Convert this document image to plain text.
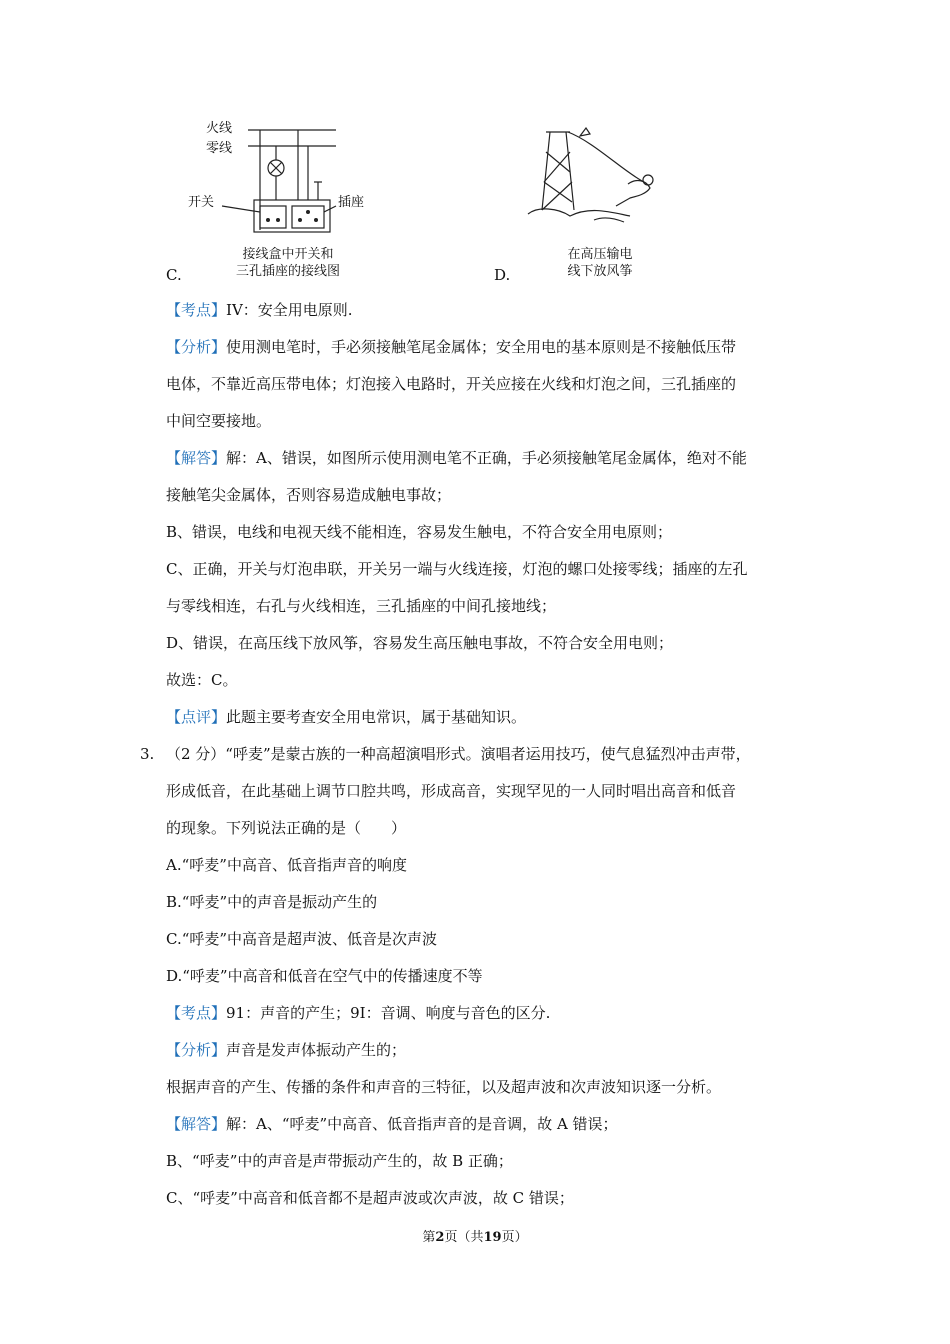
C.
火线
零线
开关	插座
接线盒中开关和
三孔插座的接线图	D.
在高压输电
线下放风筝
【考点】IV：安全用电原则.
【分析】使用测电笔时，手必须接触笔尾金属体；安全用电的基本原则是不接触低压带
电体，不靠近高压带电体；灯泡接入电路时，开关应接在火线和灯泡之间，三孔插座的
中间空要接地。
【解答】解：A、错误，如图所示使用测电笔不正确，手必须接触笔尾金属体，绝对不能
接触笔尖金属体，否则容易造成触电事故；
B、错误，电线和电视天线不能相连，容易发生触电，不符合安全用电原则；
C、正确，开关与灯泡串联，开关另一端与火线连接，灯泡的螺口处接零线；插座的左孔
与零线相连，右孔与火线相连，三孔插座的中间孔接地线；
D、错误，在高压线下放风筝，容易发生高压触电事故，不符合安全用电则；
故选：C。
【点评】此题主要考查安全用电常识，属于基础知识。
3. （2 分）“呼麦”是蒙古族的一种高超演唱形式。演唱者运用技巧，使气息猛烈冲击声带，
形成低音，在此基础上调节口腔共鸣，形成高音，实现罕见的一人同时唱出高音和低音
的现象。下列说法正确的是（　　）
A.“呼麦”中高音、低音指声音的响度
B.“呼麦”中的声音是振动产生的
C.“呼麦”中高音是超声波、低音是次声波
D.“呼麦”中高音和低音在空气中的传播速度不等
【考点】91：声音的产生；9I：音调、响度与音色的区分.
【分析】声音是发声体振动产生的；
根据声音的产生、传播的条件和声音的三特征，以及超声波和次声波知识逐一分析。
【解答】解：A、“呼麦”中高音、低音指声音的是音调，故 A 错误；
B、“呼麦”中的声音是声带振动产生的，故 B 正确；
C、“呼麦”中高音和低音都不是超声波或次声波，故 C 错误；
第2页（共19页）
